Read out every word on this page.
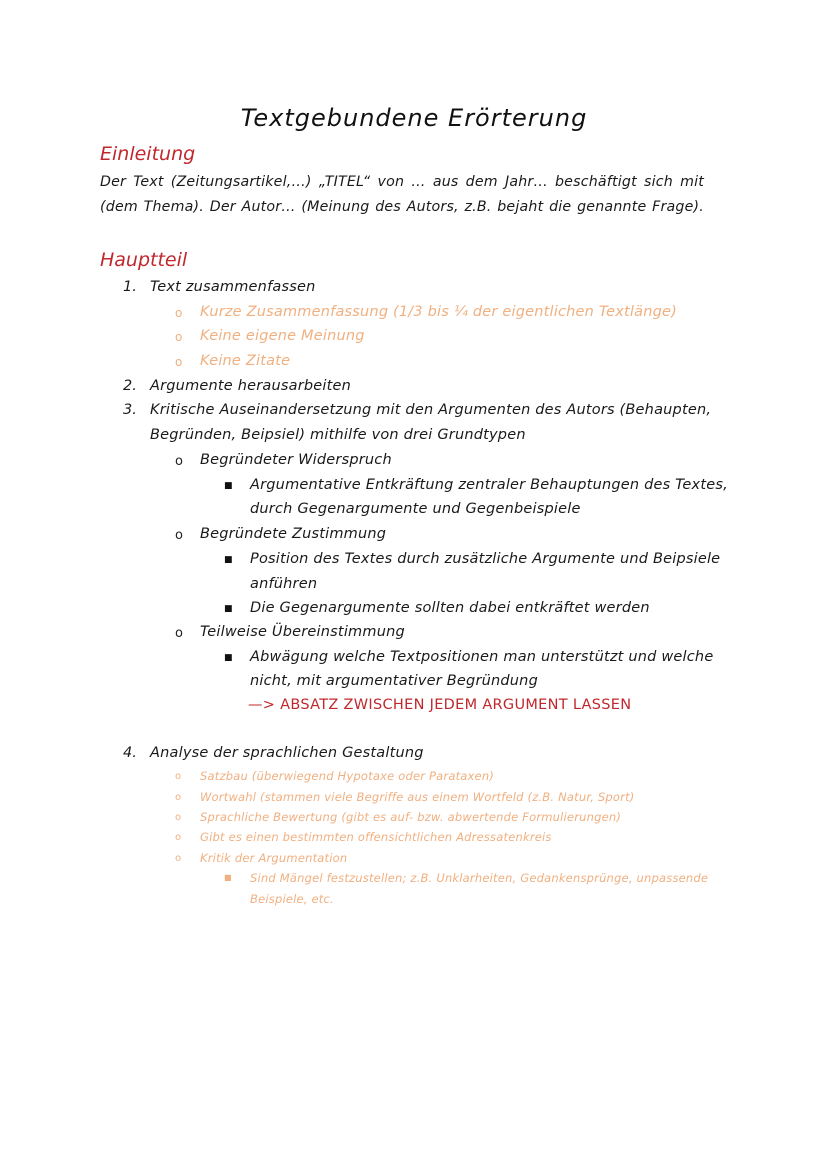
Textgebundene Erörterung
Einleitung
Der Text (Zeitungsartikel,…) „TITEL“ von … aus dem Jahr… beschäftigt sich mit
(dem Thema). Der Autor… (Meinung des Autors, z.B. bejaht die genannte Frage).
Hauptteil
1. Text zusammenfassen
o Kurze Zusammenfassung (1/3 bis ¼ der eigentlichen Textlänge)
o Keine eigene Meinung
o Keine Zitate
2. Argumente herausarbeiten
3. Kritische Auseinandersetzung mit den Argumenten des Autors (Behaupten,
Begründen, Beipsiel) mithilfe von drei Grundtypen
o Begründeter Widerspruch
■ Argumentative Entkräftung zentraler Behauptungen des Textes,
durch Gegenargumente und Gegenbeispiele
o Begründete Zustimmung
■ Position des Textes durch zusätzliche Argumente und Beipsiele
anführen
■ Die Gegenargumente sollten dabei entkräftet werden
o Teilweise Übereinstimmung
■ Abwägung welche Textpositionen man unterstützt und welche
nicht, mit argumentativer Begründung
—> ABSATZ ZWISCHEN JEDEM ARGUMENT LASSEN
4. Analyse der sprachlichen Gestaltung
o Satzbau (überwiegend Hypotaxe oder Parataxen)
o Wortwahl (stammen viele Begriffe aus einem Wortfeld (z.B. Natur, Sport)
o Sprachliche Bewertung (gibt es auf- bzw. abwertende Formulierungen)
o Gibt es einen bestimmten offensichtlichen Adressatenkreis
o Kritik der Argumentation
■ Sind Mängel festzustellen; z.B. Unklarheiten, Gedankensprünge, unpassende
Beispiele, etc.
